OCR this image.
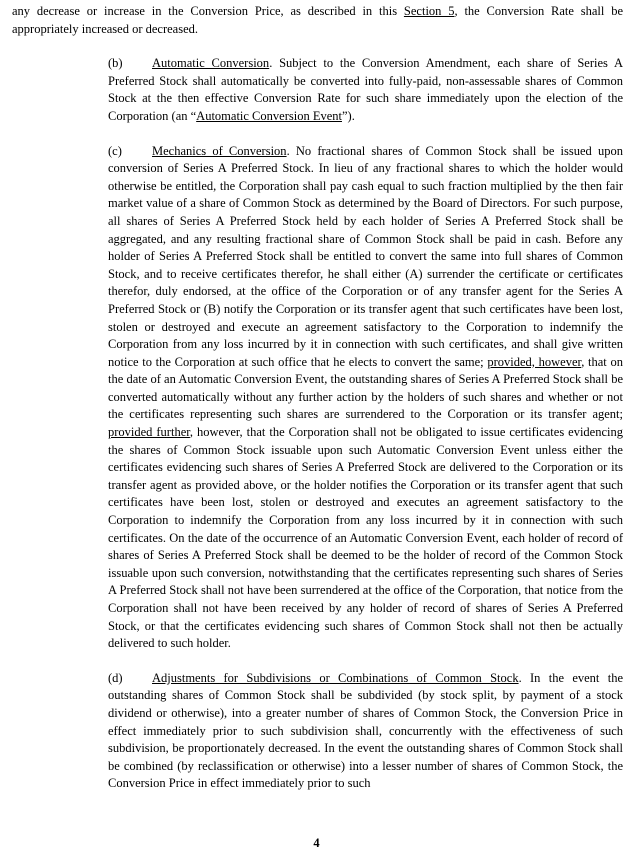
any decrease or increase in the Conversion Price, as described in this Section 5, the Conversion Rate shall be appropriately increased or decreased.

(b) Automatic Conversion. Subject to the Conversion Amendment, each share of Series A Preferred Stock shall automatically be converted into fully-paid, non-assessable shares of Common Stock at the then effective Conversion Rate for such share immediately upon the election of the Corporation (an “Automatic Conversion Event”).

(c) Mechanics of Conversion. No fractional shares of Common Stock shall be issued upon conversion of Series A Preferred Stock. In lieu of any fractional shares to which the holder would otherwise be entitled, the Corporation shall pay cash equal to such fraction multiplied by the then fair market value of a share of Common Stock as determined by the Board of Directors. For such purpose, all shares of Series A Preferred Stock held by each holder of Series A Preferred Stock shall be aggregated, and any resulting fractional share of Common Stock shall be paid in cash. Before any holder of Series A Preferred Stock shall be entitled to convert the same into full shares of Common Stock, and to receive certificates therefor, he shall either (A) surrender the certificate or certificates therefor, duly endorsed, at the office of the Corporation or of any transfer agent for the Series A Preferred Stock or (B) notify the Corporation or its transfer agent that such certificates have been lost, stolen or destroyed and execute an agreement satisfactory to the Corporation to indemnify the Corporation from any loss incurred by it in connection with such certificates, and shall give written notice to the Corporation at such office that he elects to convert the same; provided, however, that on the date of an Automatic Conversion Event, the outstanding shares of Series A Preferred Stock shall be converted automatically without any further action by the holders of such shares and whether or not the certificates representing such shares are surrendered to the Corporation or its transfer agent; provided further, however, that the Corporation shall not be obligated to issue certificates evidencing the shares of Common Stock issuable upon such Automatic Conversion Event unless either the certificates evidencing such shares of Series A Preferred Stock are delivered to the Corporation or its transfer agent as provided above, or the holder notifies the Corporation or its transfer agent that such certificates have been lost, stolen or destroyed and executes an agreement satisfactory to the Corporation to indemnify the Corporation from any loss incurred by it in connection with such certificates. On the date of the occurrence of an Automatic Conversion Event, each holder of record of shares of Series A Preferred Stock shall be deemed to be the holder of record of the Common Stock issuable upon such conversion, notwithstanding that the certificates representing such shares of Series A Preferred Stock shall not have been surrendered at the office of the Corporation, that notice from the Corporation shall not have been received by any holder of record of shares of Series A Preferred Stock, or that the certificates evidencing such shares of Common Stock shall not then be actually delivered to such holder.

(d) Adjustments for Subdivisions or Combinations of Common Stock. In the event the outstanding shares of Common Stock shall be subdivided (by stock split, by payment of a stock dividend or otherwise), into a greater number of shares of Common Stock, the Conversion Price in effect immediately prior to such subdivision shall, concurrently with the effectiveness of such subdivision, be proportionately decreased. In the event the outstanding shares of Common Stock shall be combined (by reclassification or otherwise) into a lesser number of shares of Common Stock, the Conversion Price in effect immediately prior to such

4
